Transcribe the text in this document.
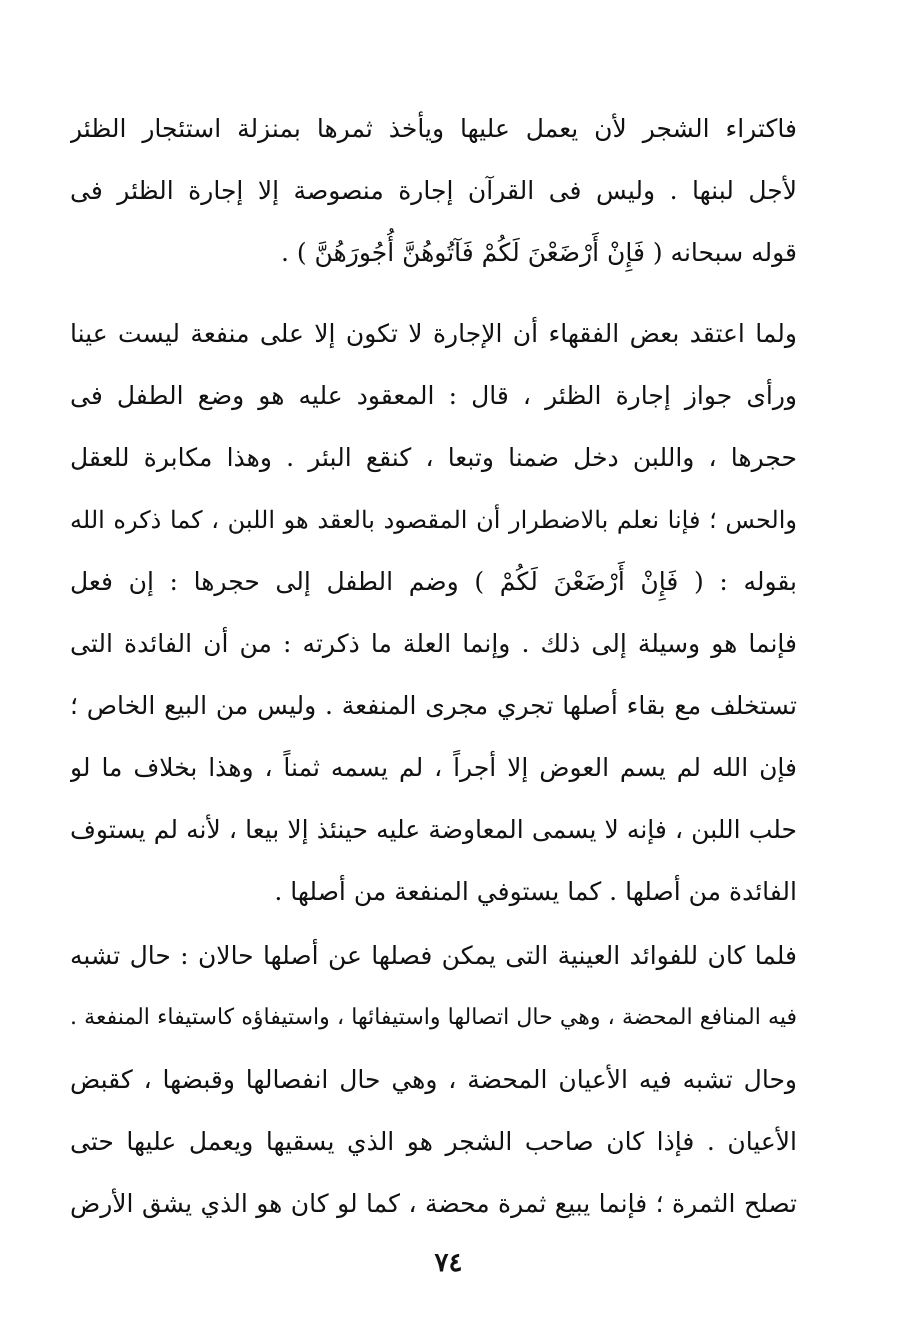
فاكتراء الشجر لأن يعمل عليها ويأخذ ثمرها بمنزلة استئجار الظئر
لأجل لبنها . وليس فى القرآن إجارة منصوصة إلا إجارة الظئر فى
قوله سبحانه ( فَإِنْ أَرْضَعْنَ لَكُمْ فَآتُوهُنَّ أُجُورَهُنَّ ) .
ولما اعتقد بعض الفقهاء أن الإجارة لا تكون إلا على منفعة ليست عينا
ورأى جواز إجارة الظئر ، قال : المعقود عليه هو وضع الطفل فى
حجرها ، واللبن دخل ضمنا وتبعا ، كنقع البئر . وهذا مكابرة للعقل
والحس ؛ فإنا نعلم بالاضطرار أن المقصود بالعقد هو اللبن ، كما ذكره الله
بقوله : ( فَإِنْ أَرْضَعْنَ لَكُمْ ) وضم الطفل إلى حجرها : إن فعل
فإنما هو وسيلة إلى ذلك . وإنما العلة ما ذكرته : من أن الفائدة التى
تستخلف مع بقاء أصلها تجري مجرى المنفعة . وليس من البيع الخاص ؛
فإن الله لم يسم العوض إلا أجراً ، لم يسمه ثمناً ، وهذا بخلاف ما لو
حلب اللبن ، فإنه لا يسمى المعاوضة عليه حينئذ إلا بيعا ، لأنه لم يستوف
الفائدة من أصلها . كما يستوفي المنفعة من أصلها .
فلما كان للفوائد العينية التى يمكن فصلها عن أصلها حالان : حال تشبه
فيه المنافع المحضة ، وهي حال اتصالها واستيفائها ، واستيفاؤه كاستيفاء المنفعة .
وحال تشبه فيه الأعيان المحضة ، وهي حال انفصالها وقبضها ، كقبض
الأعيان . فإذا كان صاحب الشجر هو الذي يسقيها ويعمل عليها حتى
تصلح الثمرة ؛ فإنما يبيع ثمرة محضة ، كما لو كان هو الذي يشق الأرض
٧٤
